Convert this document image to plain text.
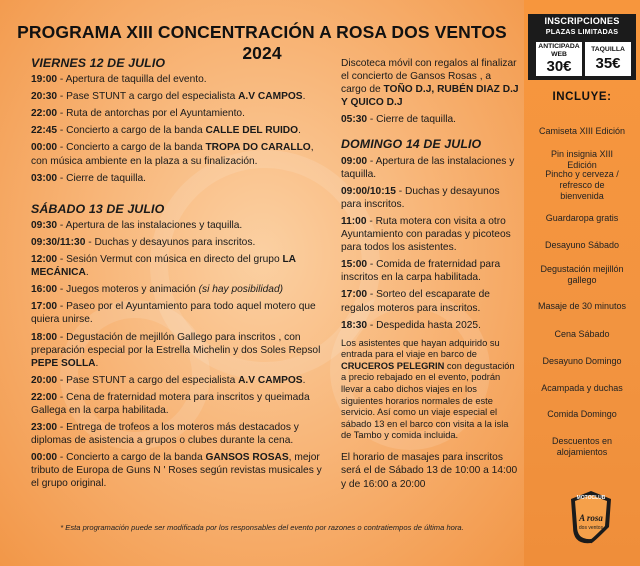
PROGRAMA XIII CONCENTRACIÓN A ROSA DOS VENTOS 2024
VIERNES 12 DE JULIO
19:00 - Apertura de taquilla del evento.
20:30 - Pase STUNT a cargo del especialista A.V CAMPOS.
22:00 - Ruta de antorchas por el Ayuntamiento.
22:45 - Concierto a cargo de la banda CALLE DEL RUIDO.
00:00 - Concierto a cargo de la banda TROPA DO CARALLO, con música ambiente en la plaza a su finalización.
03:00 - Cierre de taquilla.
SÁBADO 13 DE JULIO
09:30 - Apertura de las instalaciones y taquilla.
09:30/11:30 - Duchas y desayunos para inscritos.
12:00 - Sesión Vermut con música en directo del grupo LA MECÁNICA.
16:00 - Juegos moteros y animación (si hay posibilidad)
17:00 - Paseo por el Ayuntamiento para todo aquel motero que quiera unirse.
18:00 - Degustación de mejillón Gallego para inscritos , con preparación especial por la Estrella Michelin y dos Soles Repsol PEPE SOLLA.
20:00 - Pase STUNT a cargo del especialista A.V CAMPOS.
22:00 - Cena de fraternidad motera para inscritos y queimada Gallega en la carpa habilitada.
23:00 - Entrega de trofeos a los moteros más destacados y diplomas de asistencia a grupos o clubes durante la cena.
00:00 - Concierto a cargo de la banda GANSOS ROSAS, mejor tributo de Europa de Guns N ' Roses según revistas musicales y el grupo original.
Discoteca móvil con regalos al finalizar el concierto de Gansos Rosas , a cargo de TOÑO D.J, RUBÉN DIAZ D.J Y QUICO D.J
05:30 - Cierre de taquilla.
DOMINGO 14 DE JULIO
09:00 - Apertura de las instalaciones y taquilla.
09:00/10:15 - Duchas y desayunos para inscritos.
11:00 - Ruta motera con visita a otro Ayuntamiento con paradas y picoteos para todos los asistentes.
15:00 - Comida de fraternidad para inscritos en la carpa habilitada.
17:00 - Sorteo del escaparate de regalos moteros para inscritos.
18:30 - Despedida hasta 2025.
Los asistentes que hayan adquirido su entrada para el viaje en barco de CRUCEROS PELEGRIN con degustación a precio rebajado en el evento, podrán llevar a cabo dichos viajes en los siguientes horarios normales de este servicio. Así como un viaje especial el sábado 13 en el barco con visita a la isla de Tambo y comida incluida.
El horario de masajes para inscritos será el de Sábado 13 de 10:00 a 14:00 y de 16:00 a 20:00
* Esta programación puede ser modificada por los responsables del evento por razones o contratiempos de última hora.
INSCRIPCIONES
PLAZAS LIMITADAS
ANTICIPADA
WEB
30€
TAQUILLA
35€
INCLUYE:
Camiseta XIII Edición
Pin insignia XIII Edición
Pincho y cerveza / refresco de bienvenida
Guardaropa gratis
Desayuno Sábado
Degustación mejillón gallego
Masaje de 30 minutos
Cena Sábado
Desayuno Domingo
Acampada y duchas
Comida Domingo
Descuentos en alojamientos
MOTOCLUB
A rosa
dos ventos
